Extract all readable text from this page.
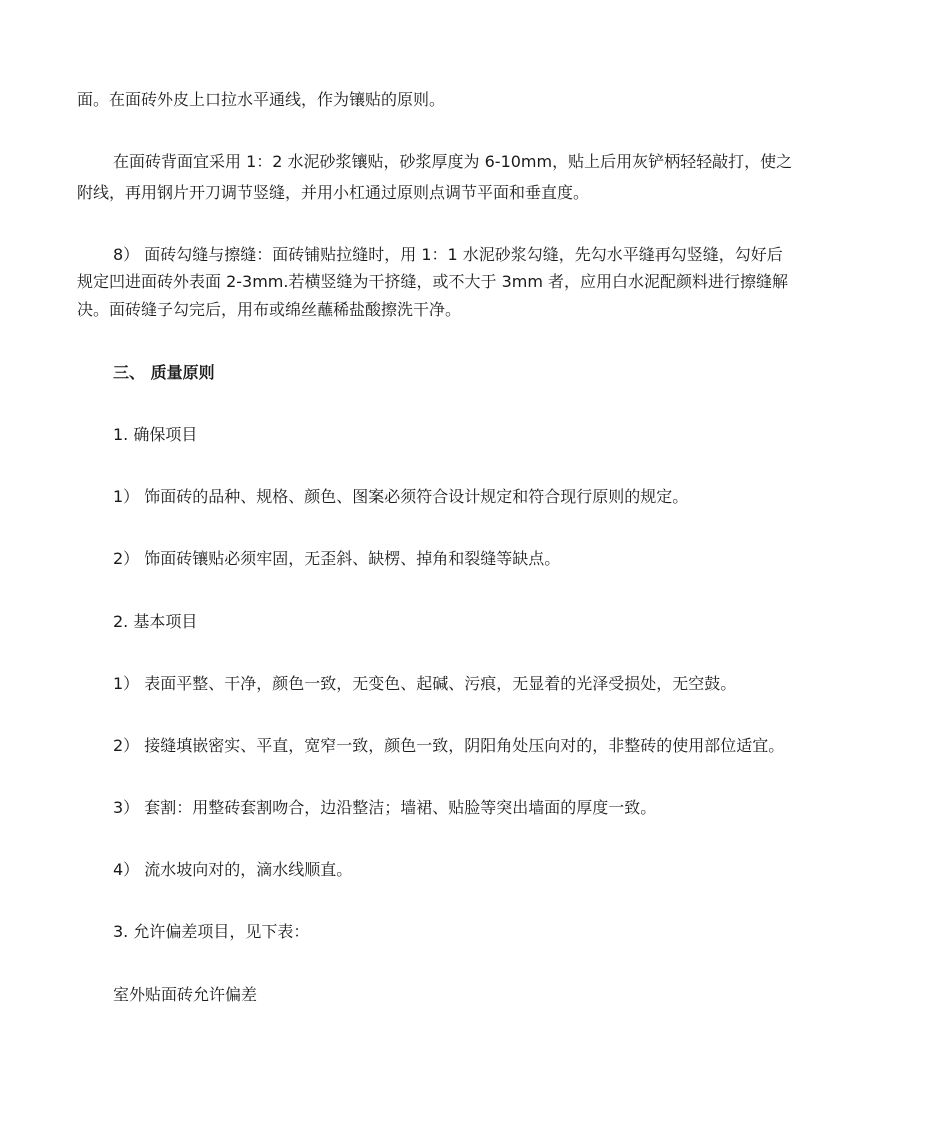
面。在面砖外皮上口拉水平通线，作为镶贴的原则。
在面砖背面宜采用 1：2 水泥砂浆镶贴，砂浆厚度为 6-10mm，贴上后用灰铲柄轻轻敲打，使之
附线，再用钢片开刀调节竖缝，并用小杠通过原则点调节平面和垂直度。
8） 面砖勾缝与擦缝：面砖铺贴拉缝时，用 1：1 水泥砂浆勾缝，先勾水平缝再勾竖缝，勾好后
规定凹进面砖外表面 2-3mm.若横竖缝为干挤缝，或不大于 3mm 者，应用白水泥配颜料进行擦缝解
决。面砖缝子勾完后，用布或绵丝蘸稀盐酸擦洗干净。
三、 质量原则
1. 确保项目
1） 饰面砖的品种、规格、颜色、图案必须符合设计规定和符合现行原则的规定。
2） 饰面砖镶贴必须牢固，无歪斜、缺楞、掉角和裂缝等缺点。
2. 基本项目
1） 表面平整、干净，颜色一致，无变色、起碱、污痕，无显着的光泽受损处，无空鼓。
2） 接缝填嵌密实、平直，宽窄一致，颜色一致，阴阳角处压向对的，非整砖的使用部位适宜。
3） 套割：用整砖套割吻合，边沿整洁；墙裙、贴脸等突出墙面的厚度一致。
4） 流水坡向对的，滴水线顺直。
3. 允许偏差项目，见下表：
室外贴面砖允许偏差
